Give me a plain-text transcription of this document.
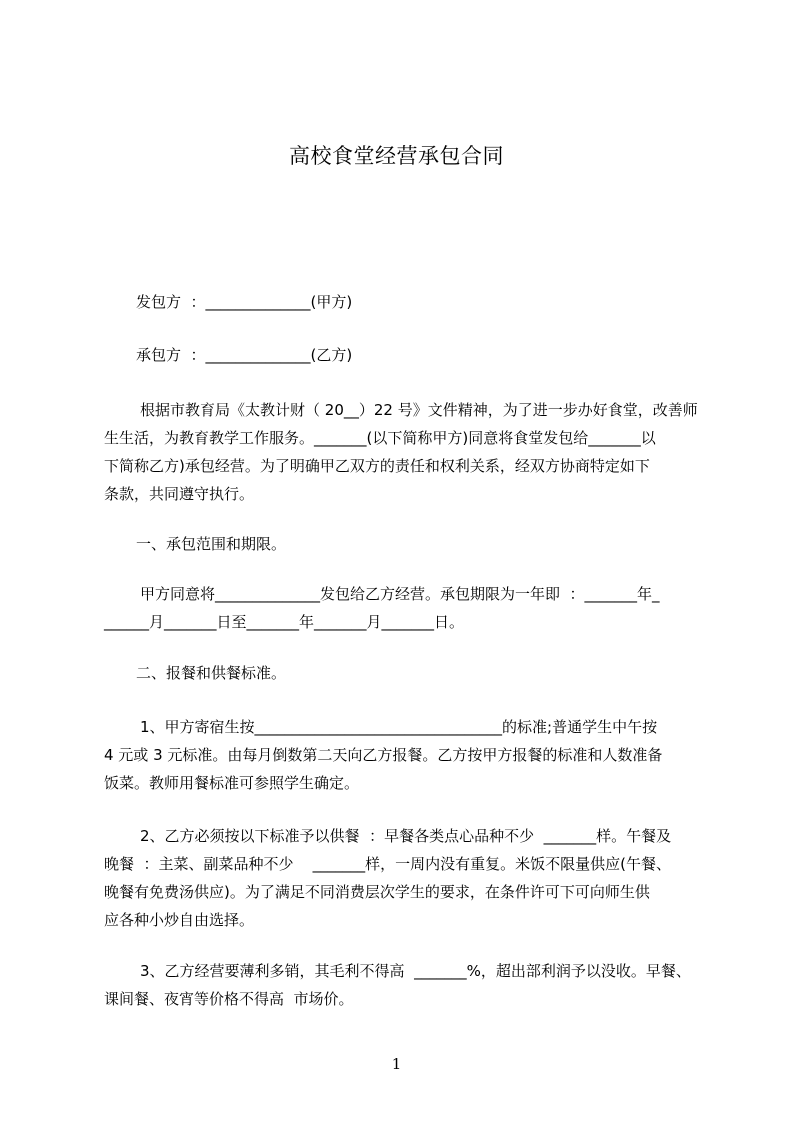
高校食堂经营承包合同
发包方  ：______________(甲方)
承包方  ：______________(乙方)
根据市教育局《太教计财（ 20__）22 号》文件精神，为了进一步办好食堂，改善师
生生活，为教育教学工作服务。_______(以下简称甲方)同意将食堂发包给_______以
下简称乙方)承包经营。为了明确甲乙双方的责任和权利关系，经双方协商特定如下
条款，共同遵守执行。
一、承包范围和期限。
甲方同意将______________发包给乙方经营。承包期限为一年即  ：_______年_
______月_______日至_______年_______月_______日。
二、报餐和供餐标准。
1、甲方寄宿生按_________________________________的标准;普通学生中午按
4 元或 3 元标准。由每月倒数第二天向乙方报餐。乙方按甲方报餐的标准和人数准备
饭菜。教师用餐标准可参照学生确定。
2、乙方必须按以下标准予以供餐  ：早餐各类点心品种不少  _______样。午餐及
晚餐  ：主菜、副菜品种不少    _______样，一周内没有重复。米饭不限量供应(午餐、
晚餐有免费汤供应)。为了满足不同消费层次学生的要求，在条件许可下可向师生供
应各种小炒自由选择。
3、乙方经营要薄利多销，其毛利不得高  _______%，超出部利润予以没收。早餐、
课间餐、夜宵等价格不得高  市场价。
1
